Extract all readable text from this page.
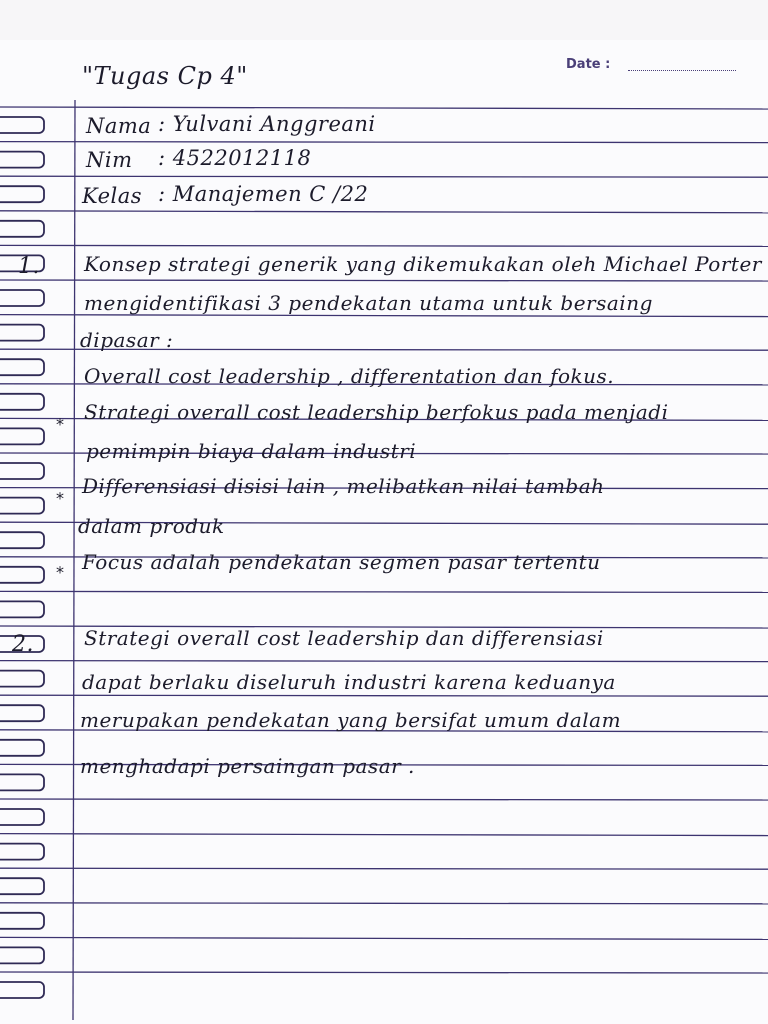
"Tugas Cp 4"	Date :
Nama : Yulvani Anggreani
Nim : 4522012118
Kelas : Manajemen C /22
1. Konsep strategi generik yang dikemukakan oleh Michael Porter
mengidentifikasi 3 pendekatan utama untuk bersaing
dipasar :
Overall cost leadership , differentation dan fokus.
⁎ Strategi overall cost leadership berfokus pada menjadi
pemimpin biaya dalam industri
⁎ Differensiasi disisi lain , melibatkan nilai tambah
dalam produk
⁎ Focus adalah pendekatan segmen pasar tertentu
2.	Strategi overall cost leadership dan differensiasi
dapat berlaku diseluruh industri karena keduanya
merupakan pendekatan yang bersifat umum dalam
menghadapi persaingan pasar .
